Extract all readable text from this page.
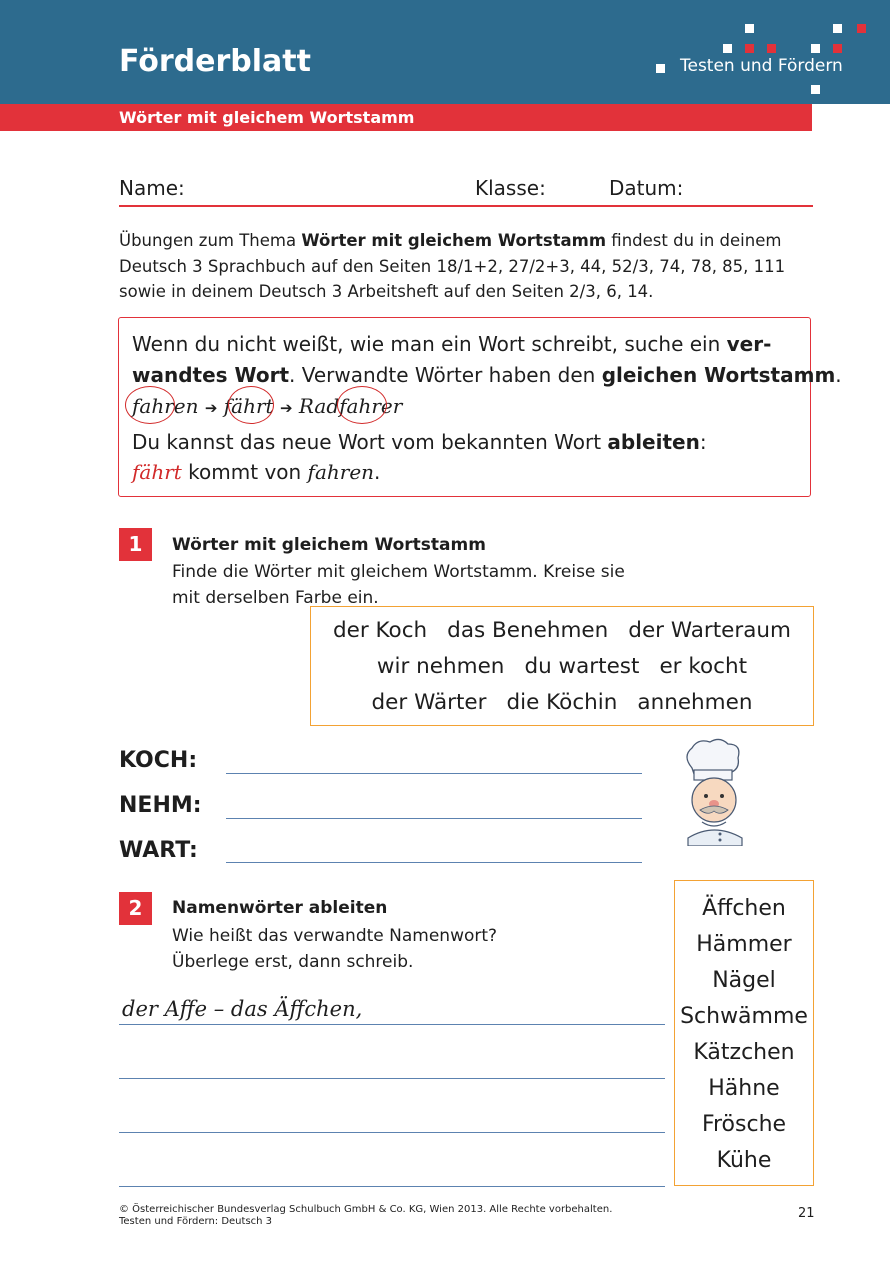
Förderblatt	Testen und Fördern
Wörter mit gleichem Wortstamm
Name:	Klasse:	Datum:
Übungen zum Thema Wörter mit gleichem Wortstamm findest du in deinem Deutsch 3 Sprachbuch auf den Seiten 18/1+2, 27/2+3, 44, 52/3, 74, 78, 85, 111 sowie in deinem Deutsch 3 Arbeitsheft auf den Seiten 2/3, 6, 14.
Wenn du nicht weißt, wie man ein Wort schreibt, suche ein ver-
wandtes Wort. Verwandte Wörter haben den gleichen Wortstamm.
fahren ➔ fährt ➔ Radfahrer
Du kannst das neue Wort vom bekannten Wort ableiten:
fährt kommt von fahren.
1	Wörter mit gleichem Wortstamm
Finde die Wörter mit gleichem Wortstamm. Kreise sie mit derselben Farbe ein.
der Koch das Benehmen der Warteraum
wir nehmen du wartest er kocht
der Wärter die Köchin annehmen
KOCH:
NEHM:
WART:
2	Namenwörter ableiten
Wie heißt das verwandte Namenwort?
Überlege erst, dann schreib.
der Affe – das Äffchen,
Äffchen
Hämmer
Nägel
Schwämme
Kätzchen
Hähne
Frösche
Kühe
© Österreichischer Bundesverlag Schulbuch GmbH & Co. KG, Wien 2013. Alle Rechte vorbehalten.
Testen und Fördern: Deutsch 3
21
